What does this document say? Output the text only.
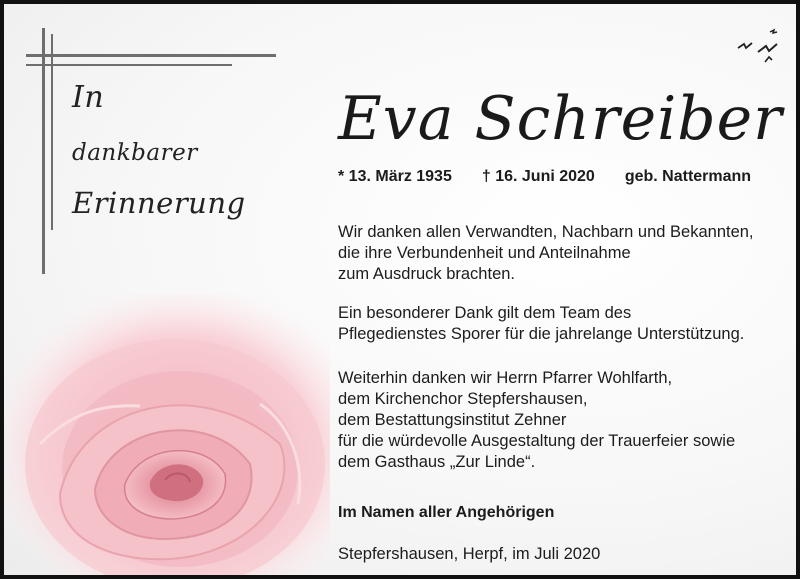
In
dankbarer
Erinnerung
Eva Schreiber
* 13. März 1935 † 16. Juni 2020 geb. Nattermann
Wir danken allen Verwandten, Nachbarn und Bekannten,
die ihre Verbundenheit und Anteilnahme
zum Ausdruck brachten.
Ein besonderer Dank gilt dem Team des
Pflegedienstes Sporer für die jahrelange Unterstützung.
Weiterhin danken wir Herrn Pfarrer Wohlfarth,
dem Kirchenchor Stepfershausen,
dem Bestattungsinstitut Zehner
für die würdevolle Ausgestaltung der Trauerfeier sowie
dem Gasthaus „Zur Linde“.
Im Namen aller Angehörigen
Stepfershausen, Herpf, im Juli 2020
